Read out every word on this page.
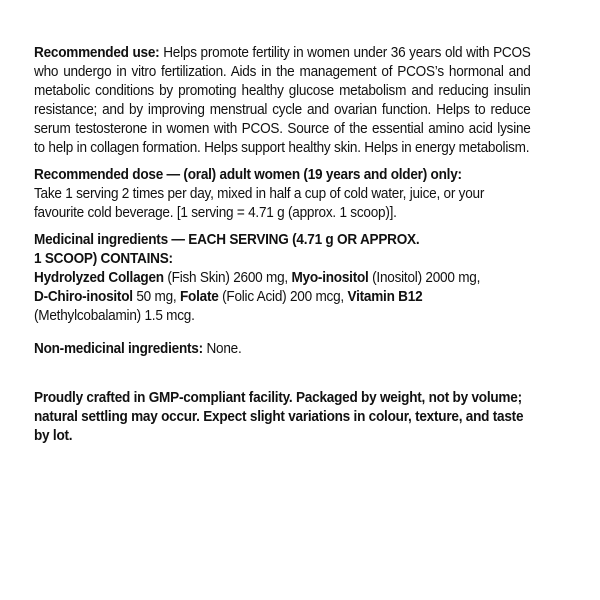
Recommended use: Helps promote fertility in women under 36 years old with PCOS who undergo in vitro fertilization. Aids in the management of PCOS’s hormonal and metabolic conditions by promoting healthy glucose metabolism and reducing insulin resistance; and by improving menstrual cycle and ovarian function. Helps to reduce serum testosterone in women with PCOS. Source of the essential amino acid lysine to help in collagen formation. Helps support healthy skin. Helps in energy metabolism.

Recommended dose — (oral) adult women (19 years and older) only:

Take 1 serving 2 times per day, mixed in half a cup of cold water, juice, or your favourite cold beverage. [1 serving = 4.71 g (approx. 1 scoop)].

Medicinal ingredients — EACH SERVING (4.71 g OR APPROX.
1 SCOOP) CONTAINS:

Hydrolyzed Collagen (Fish Skin) 2600 mg, Myo-inositol (Inositol) 2000 mg,
D-Chiro-inositol 50 mg, Folate (Folic Acid) 200 mcg, Vitamin B12 (Methylcobalamin) 1.5 mcg.

Non-medicinal ingredients: None.

Proudly crafted in GMP-compliant facility. Packaged by weight, not by volume; natural settling may occur. Expect slight variations in colour, texture, and taste by lot.
